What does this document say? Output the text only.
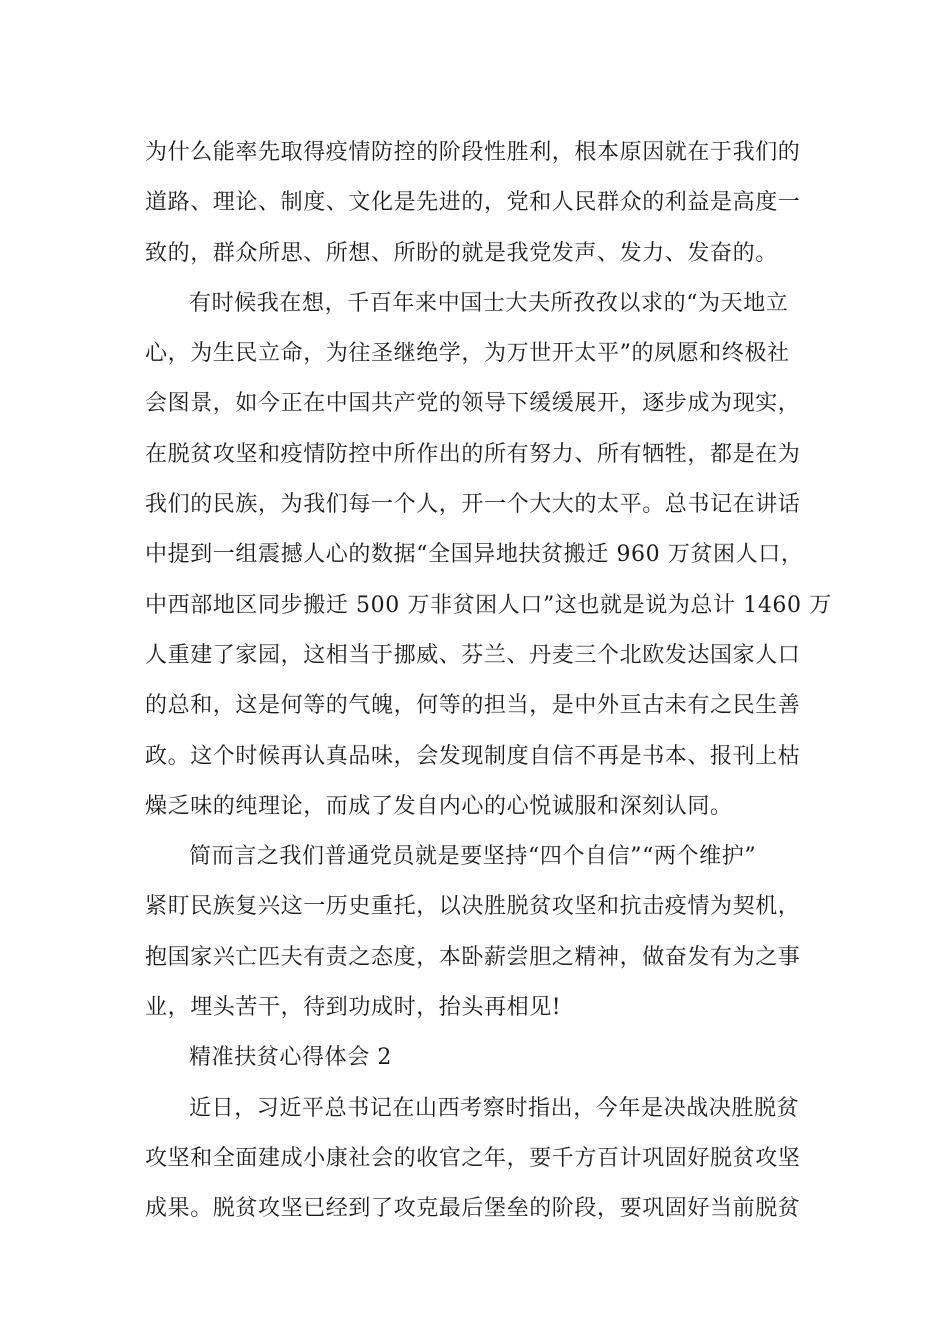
为什么能率先取得疫情防控的阶段性胜利，根本原因就在于我们的
道路、理论、制度、文化是先进的，党和人民群众的利益是高度一
致的，群众所思、所想、所盼的就是我党发声、发力、发奋的。
有时候我在想，千百年来中国士大夫所孜孜以求的“为天地立
心，为生民立命，为往圣继绝学，为万世开太平”的夙愿和终极社
会图景，如今正在中国共产党的领导下缓缓展开，逐步成为现实，
在脱贫攻坚和疫情防控中所作出的所有努力、所有牺牲，都是在为
我们的民族，为我们每一个人，开一个大大的太平。总书记在讲话
中提到一组震撼人心的数据“全国异地扶贫搬迁 960 万贫困人口，
中西部地区同步搬迁 500 万非贫困人口”这也就是说为总计 1460 万
人重建了家园，这相当于挪威、芬兰、丹麦三个北欧发达国家人口
的总和，这是何等的气魄，何等的担当，是中外亘古未有之民生善
政。这个时候再认真品味，会发现制度自信不再是书本、报刊上枯
燥乏味的纯理论，而成了发自内心的心悦诚服和深刻认同。
简而言之我们普通党员就是要坚持“四个自信”“两个维护”
紧盯民族复兴这一历史重托，以决胜脱贫攻坚和抗击疫情为契机，
抱国家兴亡匹夫有责之态度，本卧薪尝胆之精神，做奋发有为之事
业，埋头苦干，待到功成时，抬头再相见!
精准扶贫心得体会 2
近日，习近平总书记在山西考察时指出，今年是决战决胜脱贫
攻坚和全面建成小康社会的收官之年，要千方百计巩固好脱贫攻坚
成果。脱贫攻坚已经到了攻克最后堡垒的阶段，要巩固好当前脱贫
